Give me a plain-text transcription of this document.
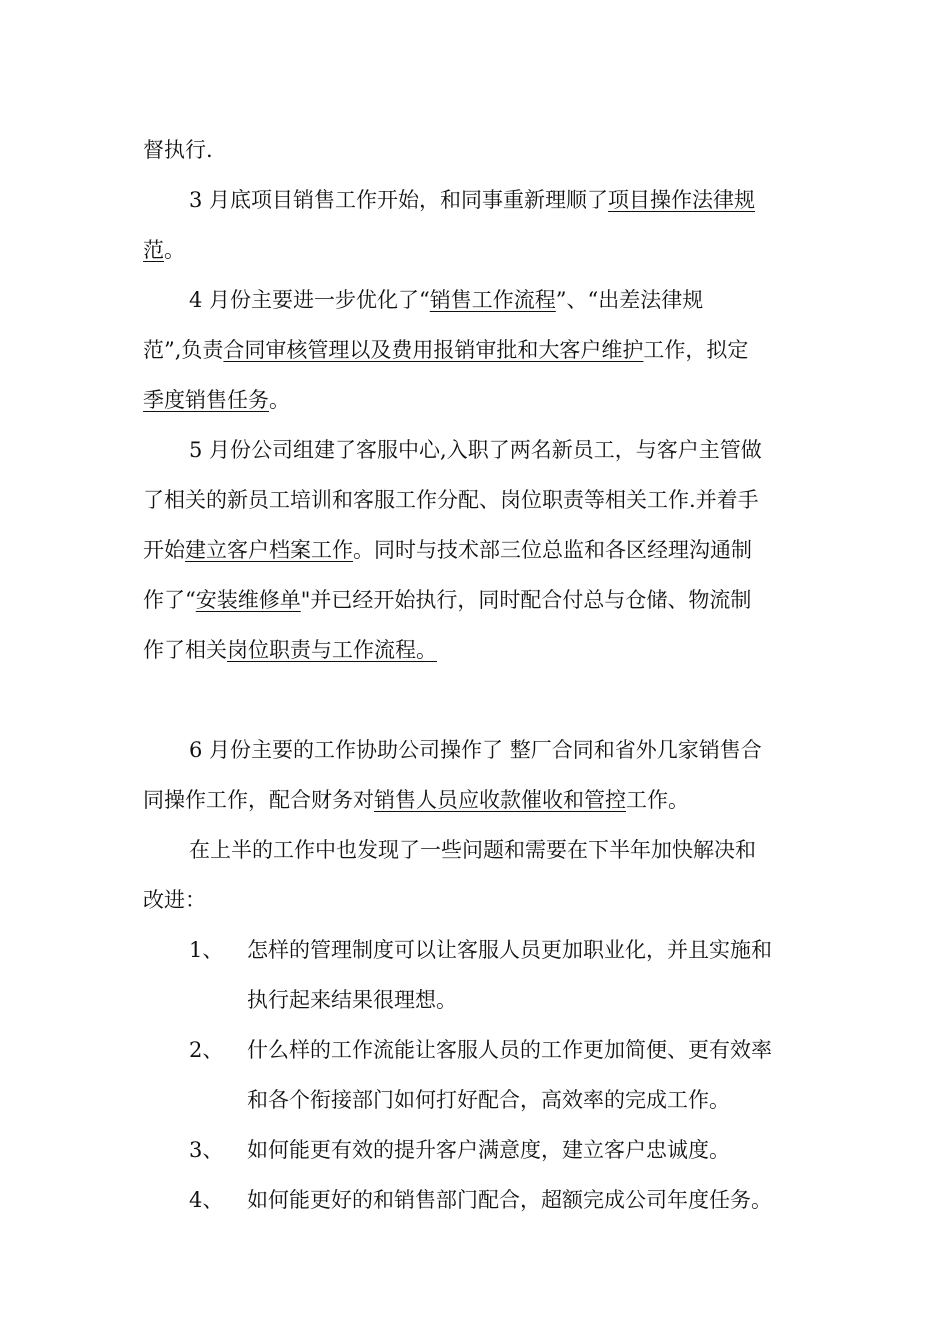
督执行.
3 月底项目销售工作开始，和同事重新理顺了项目操作法律规
范。
4 月份主要进一步优化了“销售工作流程”、“出差法律规
范”,负责合同审核管理以及费用报销审批和大客户维护工作，拟定
季度销售任务。
5 月份公司组建了客服中心,入职了两名新员工，与客户主管做
了相关的新员工培训和客服工作分配、岗位职责等相关工作.并着手
开始建立客户档案工作。同时与技术部三位总监和各区经理沟通制
作了“安装维修单"并已经开始执行，同时配合付总与仓储、物流制
作了相关岗位职责与工作流程。
6 月份主要的工作协助公司操作了 整厂合同和省外几家销售合
同操作工作，配合财务对销售人员应收款催收和管控工作。
在上半的工作中也发现了一些问题和需要在下半年加快解决和
改进：
1、 怎样的管理制度可以让客服人员更加职业化，并且实施和
执行起来结果很理想。
2、 什么样的工作流能让客服人员的工作更加简便、更有效率
和各个衔接部门如何打好配合，高效率的完成工作。
3、 如何能更有效的提升客户满意度，建立客户忠诚度。
4、 如何能更好的和销售部门配合，超额完成公司年度任务。
